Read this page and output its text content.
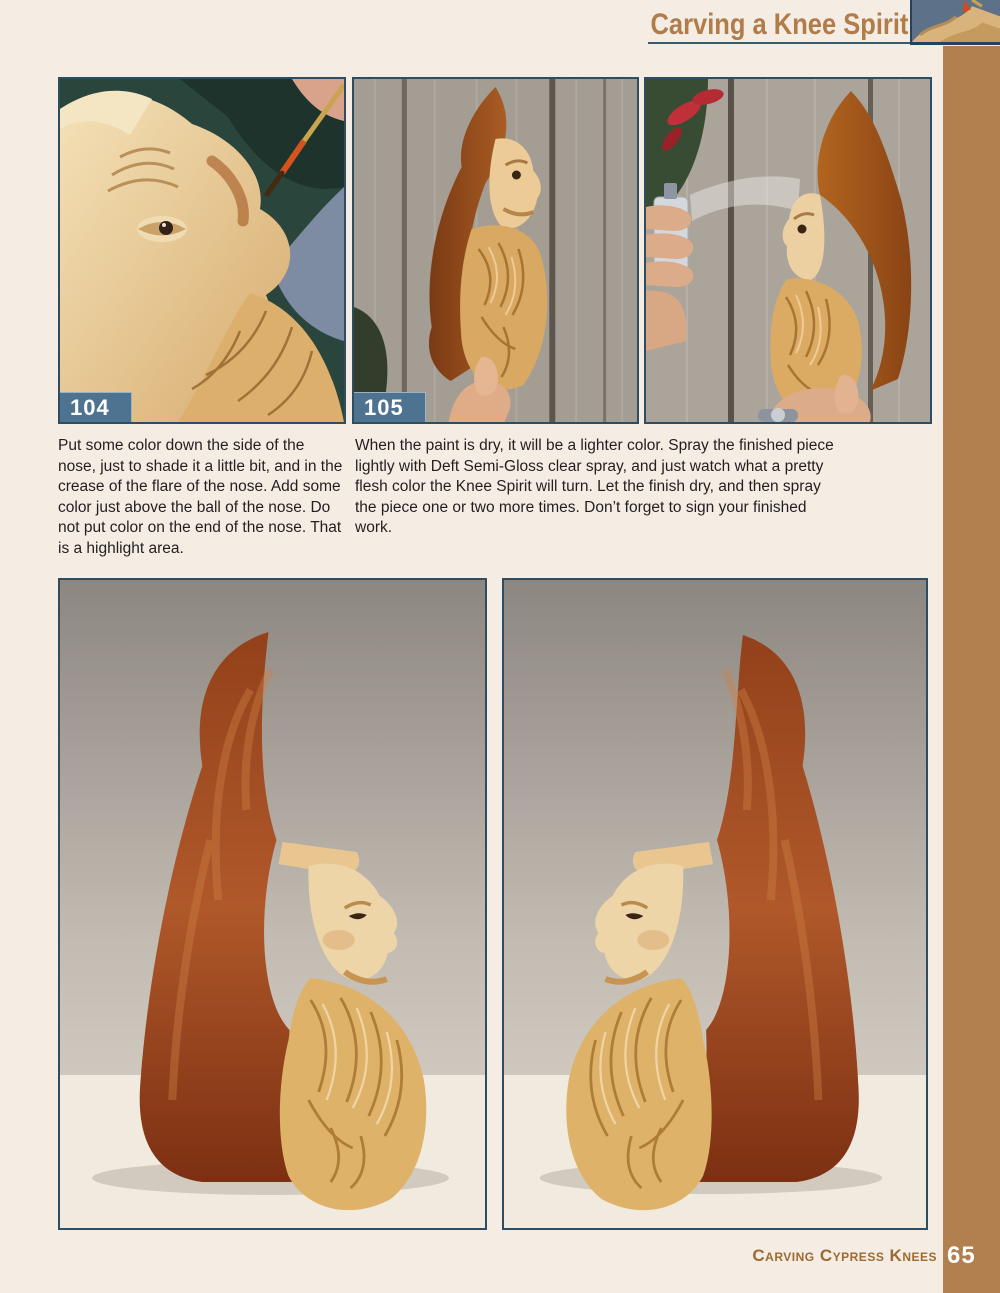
Carving a Knee Spirit
104	105

Put some color down the side of the nose, just to shade it a little bit, and in the crease of the flare of the nose. Add some color just above the ball of the nose. Do not put color on the end of the nose. That is a highlight area.

When the paint is dry, it will be a lighter color. Spray the finished piece lightly with Deft Semi-Gloss clear spray, and just watch what a pretty flesh color the Knee Spirit will turn. Let the finish dry, and then spray the piece one or two more times. Don’t forget to sign your finished work.

Carving Cypress Knees 65
